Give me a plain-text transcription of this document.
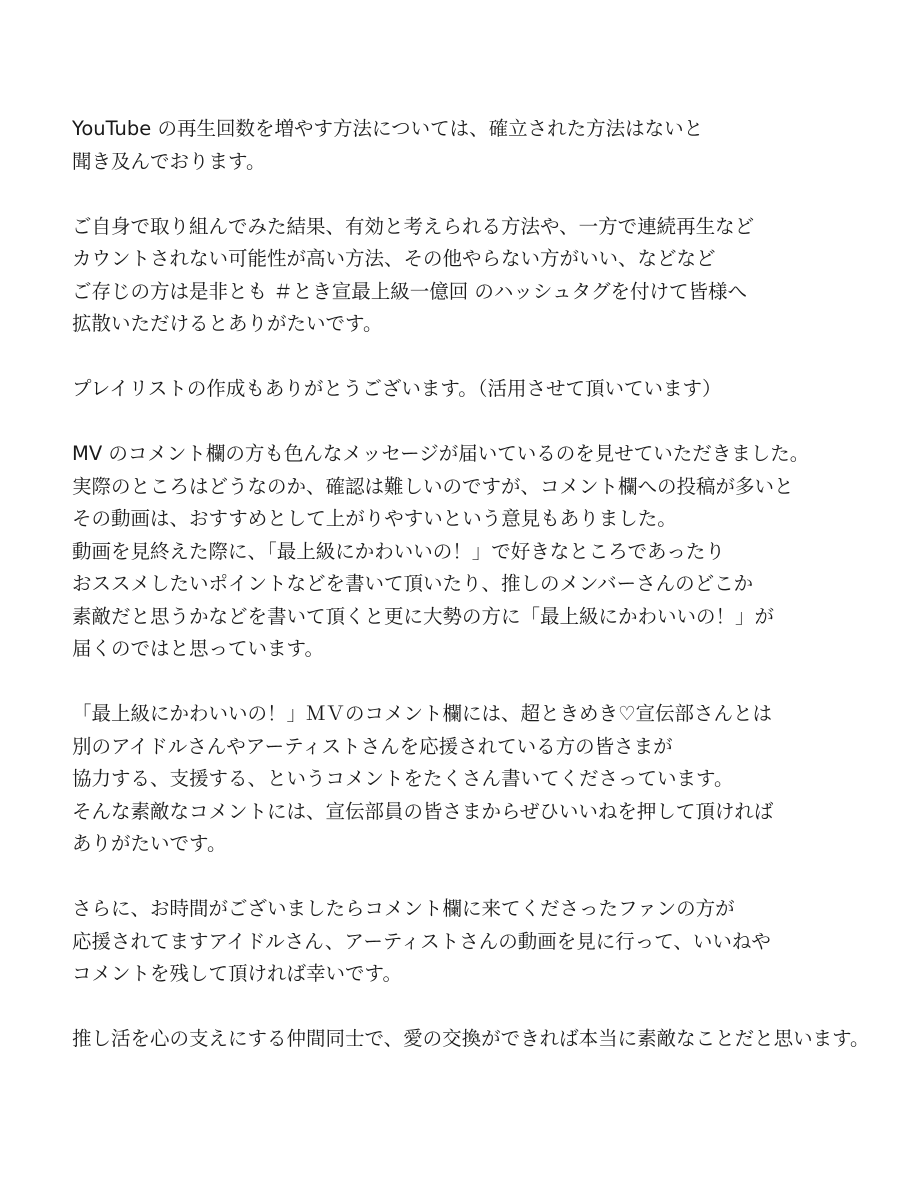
YouTube の再生回数を増やす方法については、確立された方法はないと
聞き及んでおります。

ご自身で取り組んでみた結果、有効と考えられる方法や、一方で連続再生など
カウントされない可能性が高い方法、その他やらない方がいい、などなど
ご存じの方は是非とも ＃とき宣最上級一億回 のハッシュタグを付けて皆様へ
拡散いただけるとありがたいです。

プレイリストの作成もありがとうございます。（活用させて頂いています）

MV のコメント欄の方も色んなメッセージが届いているのを見せていただきました。
実際のところはどうなのか、確認は難しいのですが、コメント欄への投稿が多いと
その動画は、おすすめとして上がりやすいという意見もありました。
動画を見終えた際に、「最上級にかわいいの！」で好きなところであったり
おススメしたいポイントなどを書いて頂いたり、推しのメンバーさんのどこか
素敵だと思うかなどを書いて頂くと更に大勢の方に「最上級にかわいいの！」が
届くのではと思っています。

「最上級にかわいいの！」ＭＶのコメント欄には、超ときめき♡宣伝部さんとは
別のアイドルさんやアーティストさんを応援されている方の皆さまが
協力する、支援する、というコメントをたくさん書いてくださっています。
そんな素敵なコメントには、宣伝部員の皆さまからぜひいいねを押して頂ければ
ありがたいです。

さらに、お時間がございましたらコメント欄に来てくださったファンの方が
応援されてますアイドルさん、アーティストさんの動画を見に行って、いいねや
コメントを残して頂ければ幸いです。

推し活を心の支えにする仲間同士で、愛の交換ができれば本当に素敵なことだと思います。
